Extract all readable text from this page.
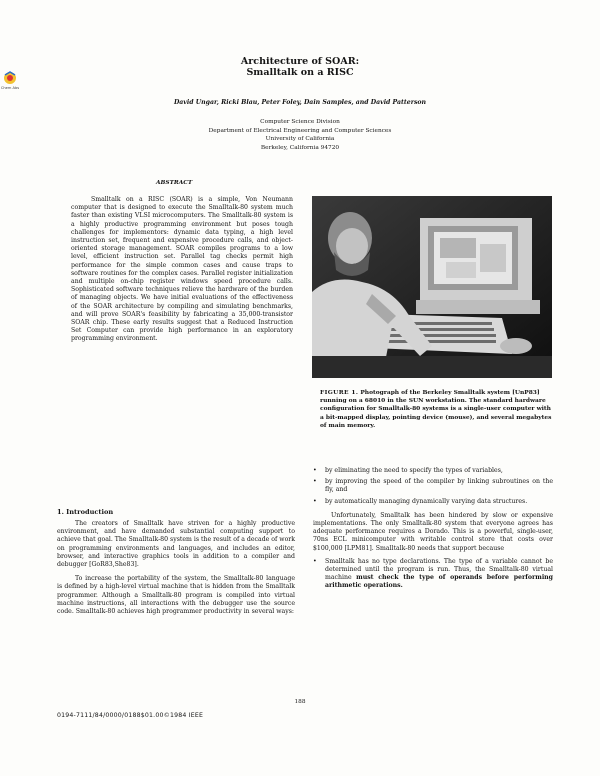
Chem Abs
Architecture of SOAR:
Smalltalk on a RISC
David Ungar, Ricki Blau, Peter Foley, Dain Samples, and David Patterson
Computer Science Division
Department of Electrical Engineering and Computer Sciences
University of California
Berkeley, California 94720
ABSTRACT
Smalltalk on a RISC (SOAR) is a simple, Von Neumann computer that is designed to execute the Smalltalk-80 system much faster than existing VLSI microcomputers. The Smalltalk-80 system is a highly productive programming environment but poses tough challenges for implementors: dynamic data typing, a high level instruction set, frequent and expensive procedure calls, and object-oriented storage management. SOAR compiles programs to a low level, efficient instruction set. Parallel tag checks permit high performance for the simple common cases and cause traps to software routines for the complex cases. Parallel register initialization and multiple on-chip register windows speed procedure calls. Sophisticated software techniques relieve the hardware of the burden of managing objects. We have initial evaluations of the effectiveness of the SOAR architecture by compiling and simulating benchmarks, and will prove SOAR's feasibility by fabricating a 35,000-transistor SOAR chip. These early results suggest that a Reduced Instruction Set Computer can provide high performance in an exploratory programming environment.
1. Introduction

The creators of Smalltalk have striven for a highly productive environment, and have demanded substantial computing support to achieve that goal. The Smalltalk-80 system is the result of a decade of work on programming environments and languages, and includes an editor, browser, and interactive graphics tools in addition to a compiler and debugger [GoR83,She83].

To increase the portability of the system, the Smalltalk-80 language is defined by a high-level virtual machine that is hidden from the Smalltalk programmer. Although a Smalltalk-80 program is compiled into virtual machine instructions, all interactions with the debugger use the source code. Smalltalk-80 achieves high programmer productivity in several ways:

FIGURE 1. Photograph of the Berkeley Smalltalk system [UnP83] running on a 68010 in the SUN workstation. The standard hardware configuration for Smalltalk-80 systems is a single-user computer with a bit-mapped display, pointing device (mouse), and several megabytes of main memory.

• by eliminating the need to specify the types of variables,

• by improving the speed of the compiler by linking subroutines on the fly, and

• by automatically managing dynamically varying data structures.

Unfortunately, Smalltalk has been hindered by slow or expensive implementations. The only Smalltalk-80 system that everyone agrees has adequate performance requires a Dorado. This is a powerful, single-user, 70ns ECL minicomputer with writable control store that costs over $100,000 [LPM81]. Smalltalk-80 needs that support because

• Smalltalk has no type declarations. The type of a variable cannot be determined until the program is run. Thus, the Smalltalk-80 virtual machine must check the type of operands before performing arithmetic operations.

188
0194-7111/84/0000/0188$01.00©1984 IEEE
